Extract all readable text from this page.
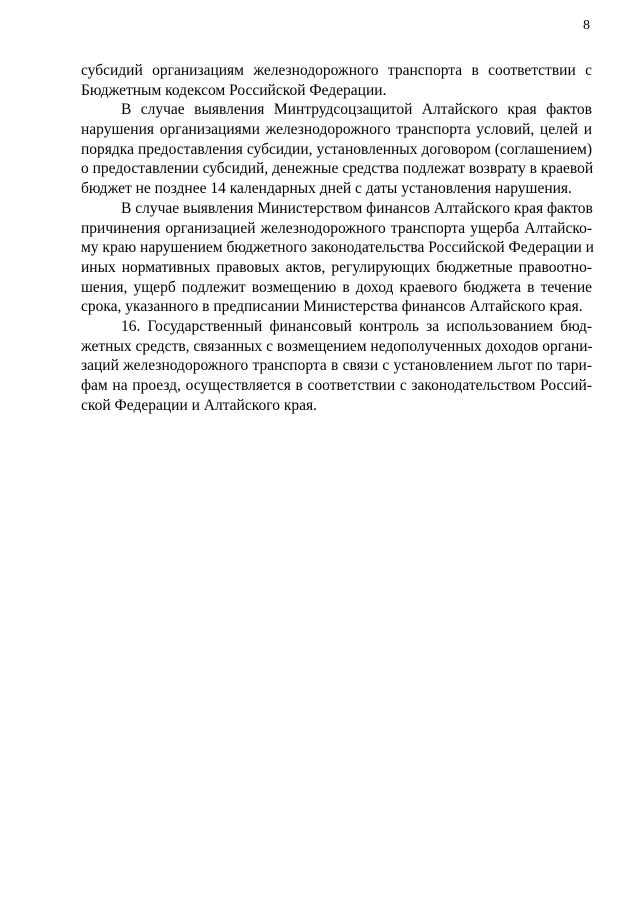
8
субсидий организациям железнодорожного транспорта в соответствии с
Бюджетным кодексом Российской Федерации.
В случае выявления Минтрудсоцзащитой Алтайского края фактов
нарушения организациями железнодорожного транспорта условий, целей и
порядка предоставления субсидии, установленных договором (соглашением)
о предоставлении субсидий, денежные средства подлежат возврату в краевой
бюджет не позднее 14 календарных дней с даты установления нарушения.
В случае выявления Министерством финансов Алтайского края фактов
причинения организацией железнодорожного транспорта ущерба Алтайско-
му краю нарушением бюджетного законодательства Российской Федерации и
иных нормативных правовых актов, регулирующих бюджетные правоотно-
шения, ущерб подлежит возмещению в доход краевого бюджета в течение
срока, указанного в предписании Министерства финансов Алтайского края.
16. Государственный финансовый контроль за использованием бюд-
жетных средств, связанных с возмещением недополученных доходов органи-
заций железнодорожного транспорта в связи с установлением льгот по тари-
фам на проезд, осуществляется в соответствии с законодательством Россий-
ской Федерации и Алтайского края.
